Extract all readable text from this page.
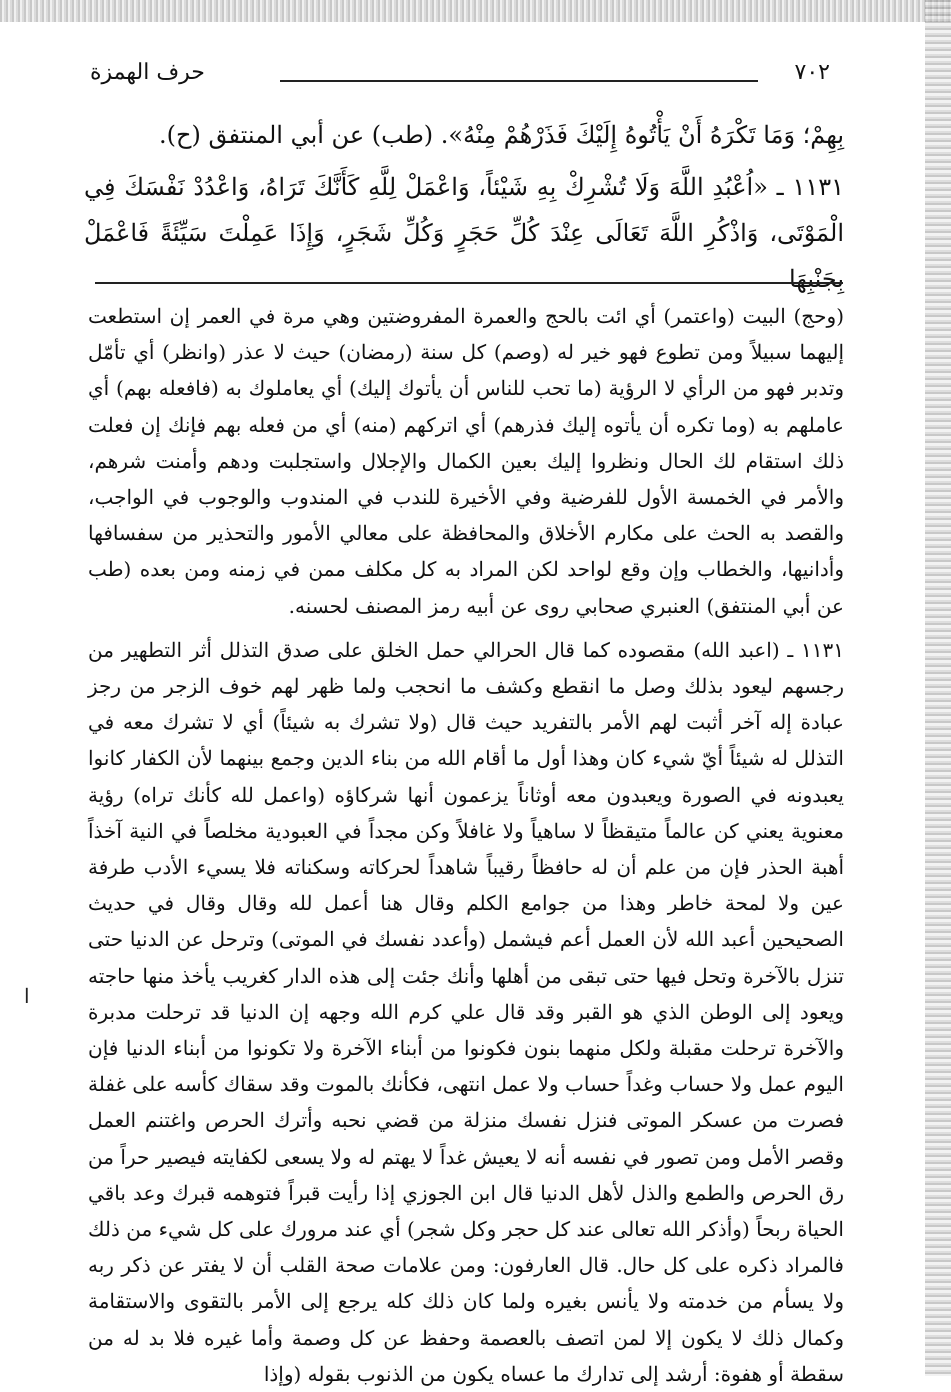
٧٠٢
حرف الهمزة

بِهِمْ؛ وَمَا تَكْرَهُ أَنْ يَأْتُوهُ إِلَيْكَ فَذَرْهُمْ مِنْهُ». (طب) عن أبي المنتفق (ح).

١١٣١ ـ «اُعْبُدِ اللَّهَ وَلَا تُشْرِكْ بِهِ شَيْئاً، وَاعْمَلْ لِلَّهِ كَأَنَّكَ تَرَاهُ، وَاعْدُدْ نَفْسَكَ فِي الْمَوْتَى، وَاذْكُرِ اللَّهَ تَعَالَى عِنْدَ كُلِّ حَجَرٍ وَكُلِّ شَجَرٍ، وَإِذَا عَمِلْتَ سَيِّئَةً فَاعْمَلْ بِجَنْبِهَا

(وحج) البيت (واعتمر) أي ائت بالحج والعمرة المفروضتين وهي مرة في العمر إن استطعت إليهما سبيلاً ومن تطوع فهو خير له (وصم) كل سنة (رمضان) حيث لا عذر (وانظر) أي تأمّل وتدبر فهو من الرأي لا الرؤية (ما تحب للناس أن يأتوك إليك) أي يعاملوك به (فافعله بهم) أي عاملهم به (وما تكره أن يأتوه إليك فذرهم) أي اتركهم (منه) أي من فعله بهم فإنك إن فعلت ذلك استقام لك الحال ونظروا إليك بعين الكمال والإجلال واستجلبت ودهم وأمنت شرهم، والأمر في الخمسة الأول للفرضية وفي الأخيرة للندب في المندوب والوجوب في الواجب، والقصد به الحث على مكارم الأخلاق والمحافظة على معالي الأمور والتحذير من سفسافها وأدانيها، والخطاب وإن وقع لواحد لكن المراد به كل مكلف ممن في زمنه ومن بعده (طب عن أبي المنتفق) العنبري صحابي روى عن أبيه رمز المصنف لحسنه.

١١٣١ ـ (اعبد الله) مقصوده كما قال الحرالي حمل الخلق على صدق التذلل أثر التطهير من رجسهم ليعود بذلك وصل ما انقطع وكشف ما انحجب ولما ظهر لهم خوف الزجر من رجز عبادة إله آخر أثبت لهم الأمر بالتفريد حيث قال (ولا تشرك به شيئاً) أي لا تشرك معه في التذلل له شيئاً أيّ شيء كان وهذا أول ما أقام الله من بناء الدين وجمع بينهما لأن الكفار كانوا يعبدونه في الصورة ويعبدون معه أوثاناً يزعمون أنها شركاؤه (واعمل لله كأنك تراه) رؤية معنوية يعني كن عالماً متيقظاً لا ساهياً ولا غافلاً وكن مجداً في العبودية مخلصاً في النية آخذاً أهبة الحذر فإن من علم أن له حافظاً رقيباً شاهداً لحركاته وسكناته فلا يسيء الأدب طرفة عين ولا لمحة خاطر وهذا من جوامع الكلم وقال هنا أعمل لله وقال وقال في حديث الصحيحين أعبد الله لأن العمل أعم فيشمل (وأعدد نفسك في الموتى) وترحل عن الدنيا حتى تنزل بالآخرة وتحل فيها حتى تبقى من أهلها وأنك جئت إلى هذه الدار كغريب يأخذ منها حاجته ويعود إلى الوطن الذي هو القبر وقد قال علي كرم الله وجهه إن الدنيا قد ترحلت مدبرة والآخرة ترحلت مقبلة ولكل منهما بنون فكونوا من أبناء الآخرة ولا تكونوا من أبناء الدنيا فإن اليوم عمل ولا حساب وغداً حساب ولا عمل انتهى، فكأنك بالموت وقد سقاك كأسه على غفلة فصرت من عسكر الموتى فنزل نفسك منزلة من قضي نحبه وأترك الحرص واغتنم العمل وقصر الأمل ومن تصور في نفسه أنه لا يعيش غداً لا يهتم له ولا يسعى لكفايته فيصير حراً من رق الحرص والطمع والذل لأهل الدنيا قال ابن الجوزي إذا رأيت قبراً فتوهمه قبرك وعد باقي الحياة ربحاً (وأذكر الله تعالى عند كل حجر وكل شجر) أي عند مرورك على كل شيء من ذلك فالمراد ذكره على كل حال. قال العارفون: ومن علامات صحة القلب أن لا يفتر عن ذكر ربه ولا يسأم من خدمته ولا يأنس بغيره ولما كان ذلك كله يرجع إلى الأمر بالتقوى والاستقامة وكمال ذلك لا يكون إلا لمن اتصف بالعصمة وحفظ عن كل وصمة وأما غيره فلا بد له من سقطة أو هفوة: أرشد إلى تدارك ما عساه يكون من الذنوب بقوله (وإذا

ا
